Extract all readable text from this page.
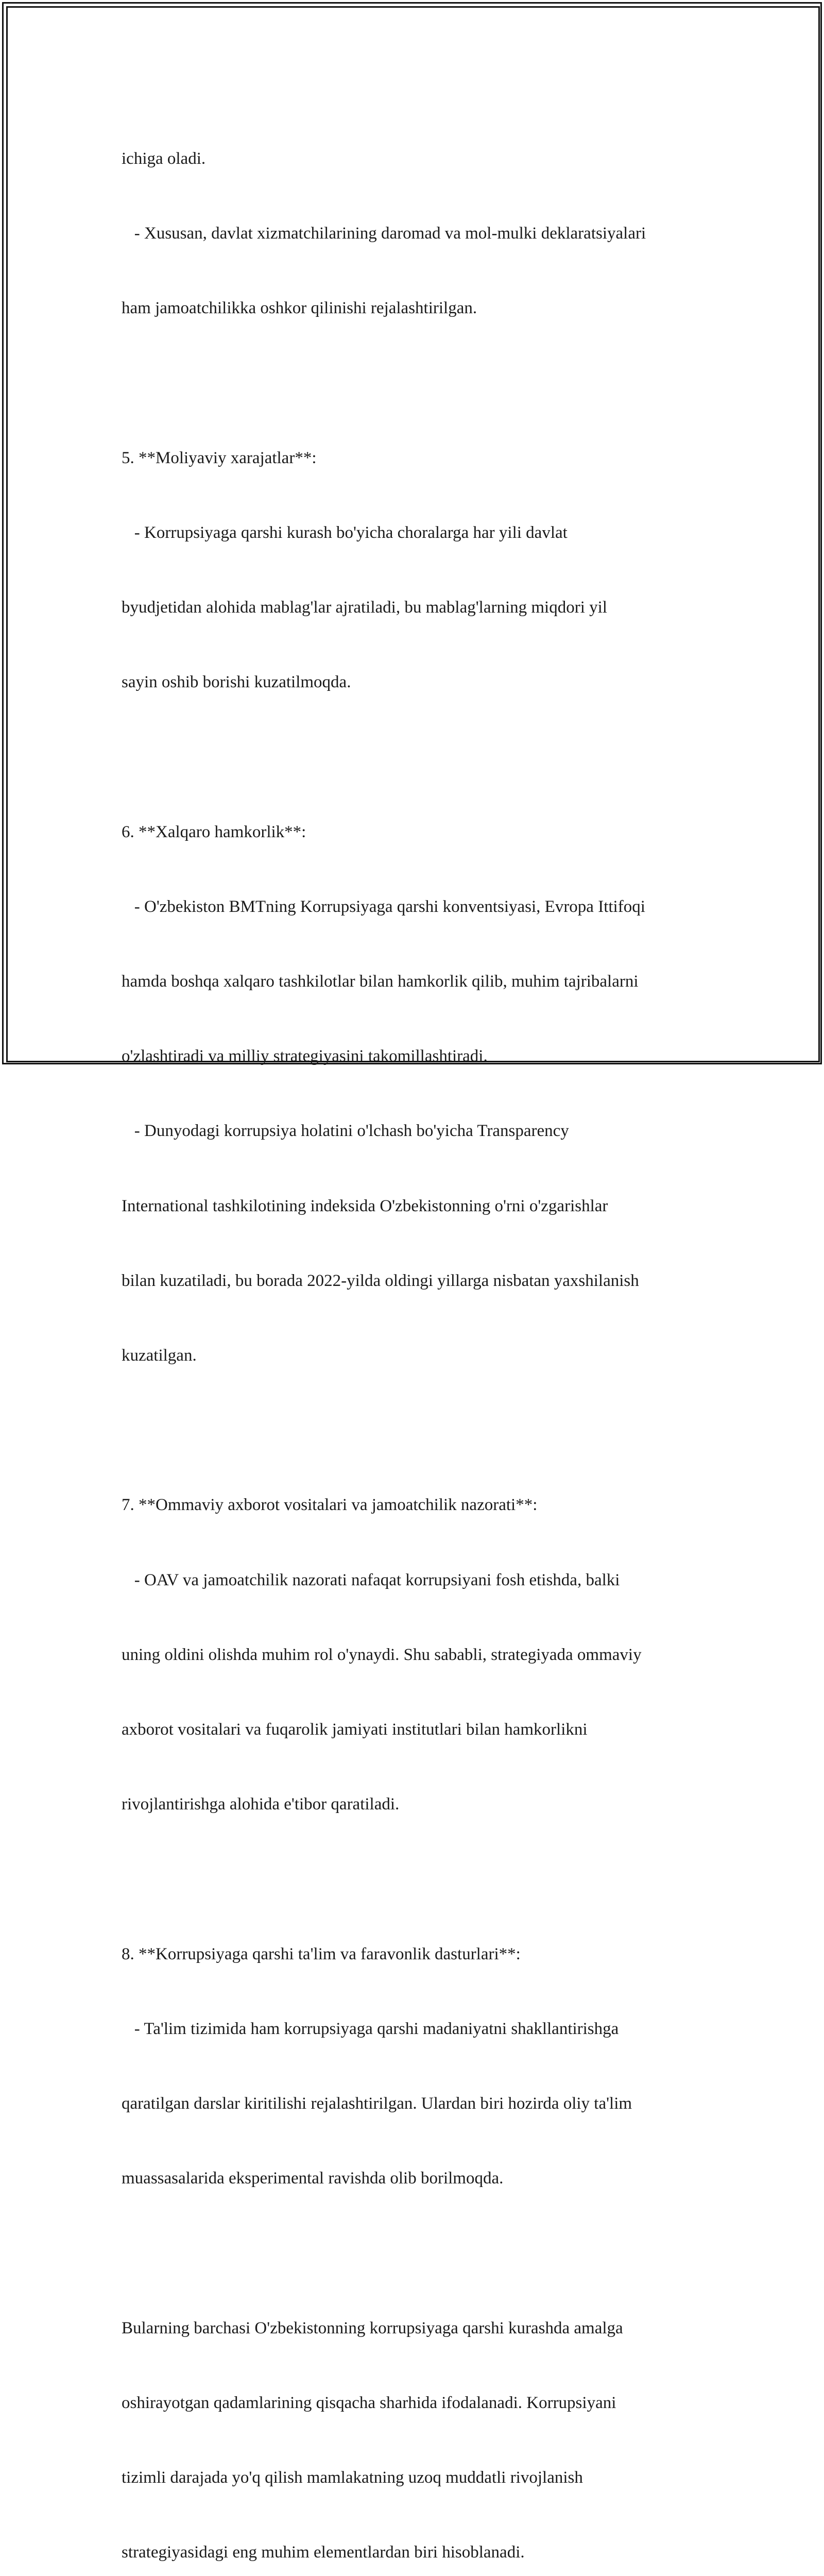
ichiga oladi.

- Xususan, davlat xizmatchilarining daromad va mol-mulki deklaratsiyalari

ham jamoatchilikka oshkor qilinishi rejalashtirilgan.

5. **Moliyaviy xarajatlar**:

- Korrupsiyaga qarshi kurash bo'yicha choralarga har yili davlat

byudjetidan alohida mablag'lar ajratiladi, bu mablag'larning miqdori yil

sayin oshib borishi kuzatilmoqda.

6. **Xalqaro hamkorlik**:

- O'zbekiston BMTning Korrupsiyaga qarshi konventsiyasi, Evropa Ittifoqi

hamda boshqa xalqaro tashkilotlar bilan hamkorlik qilib, muhim tajribalarni

o'zlashtiradi va milliy strategiyasini takomillashtiradi.

- Dunyodagi korrupsiya holatini o'lchash bo'yicha Transparency

International tashkilotining indeksida O'zbekistonning o'rni o'zgarishlar

bilan kuzatiladi, bu borada 2022-yilda oldingi yillarga nisbatan yaxshilanish

kuzatilgan.

7. **Ommaviy axborot vositalari va jamoatchilik nazorati**:

- OAV va jamoatchilik nazorati nafaqat korrupsiyani fosh etishda, balki

uning oldini olishda muhim rol o'ynaydi. Shu sababli, strategiyada ommaviy

axborot vositalari va fuqarolik jamiyati institutlari bilan hamkorlikni

rivojlantirishga alohida e'tibor qaratiladi.

8. **Korrupsiyaga qarshi ta'lim va faravonlik dasturlari**:

- Ta'lim tizimida ham korrupsiyaga qarshi madaniyatni shakllantirishga

qaratilgan darslar kiritilishi rejalashtirilgan. Ulardan biri hozirda oliy ta'lim

muassasalarida eksperimental ravishda olib borilmoqda.

Bularning barchasi O'zbekistonning korrupsiyaga qarshi kurashda amalga

oshirayotgan qadamlarining qisqacha sharhida ifodalanadi. Korrupsiyani

tizimli darajada yo'q qilish mamlakatning uzoq muddatli rivojlanish

strategiyasidagi eng muhim elementlardan biri hisoblanadi.
